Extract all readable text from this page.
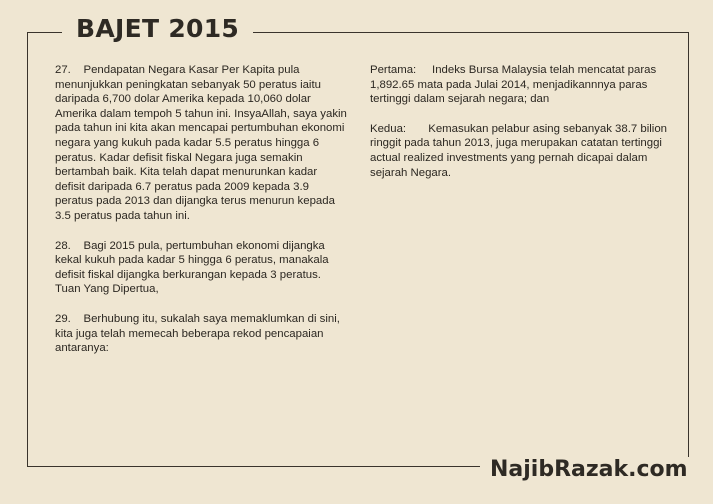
BAJET 2015

27.    Pendapatan Negara Kasar Per Kapita pula menunjukkan peningkatan sebanyak 50 peratus iaitu daripada 6,700 dolar Amerika kepada 10,060 dolar Amerika dalam tempoh 5 tahun ini. InsyaAllah, saya yakin pada tahun ini kita akan mencapai pertumbuhan ekonomi negara yang kukuh pada kadar 5.5 peratus hingga 6 peratus. Kadar defisit fiskal Negara juga semakin bertambah baik. Kita telah dapat menurunkan kadar defisit daripada 6.7 peratus pada 2009 kepada 3.9 peratus pada 2013 dan dijangka terus menurun kepada 3.5 peratus pada tahun ini.

28.    Bagi 2015 pula, pertumbuhan ekonomi dijangka kekal kukuh pada kadar 5 hingga 6 peratus, manakala defisit fiskal dijangka berkurangan kepada 3 peratus. Tuan Yang Dipertua,

29.    Berhubung itu, sukalah saya memaklumkan di sini, kita juga telah memecah beberapa rekod pencapaian antaranya:

Pertama:     Indeks Bursa Malaysia telah mencatat paras 1,892.65 mata pada Julai 2014, menjadikannnya paras tertinggi dalam sejarah negara; dan

Kedua:       Kemasukan pelabur asing sebanyak 38.7 bilion ringgit pada tahun 2013, juga merupakan catatan tertinggi actual realized investments yang pernah dicapai dalam sejarah Negara.

NajibRazak.com
